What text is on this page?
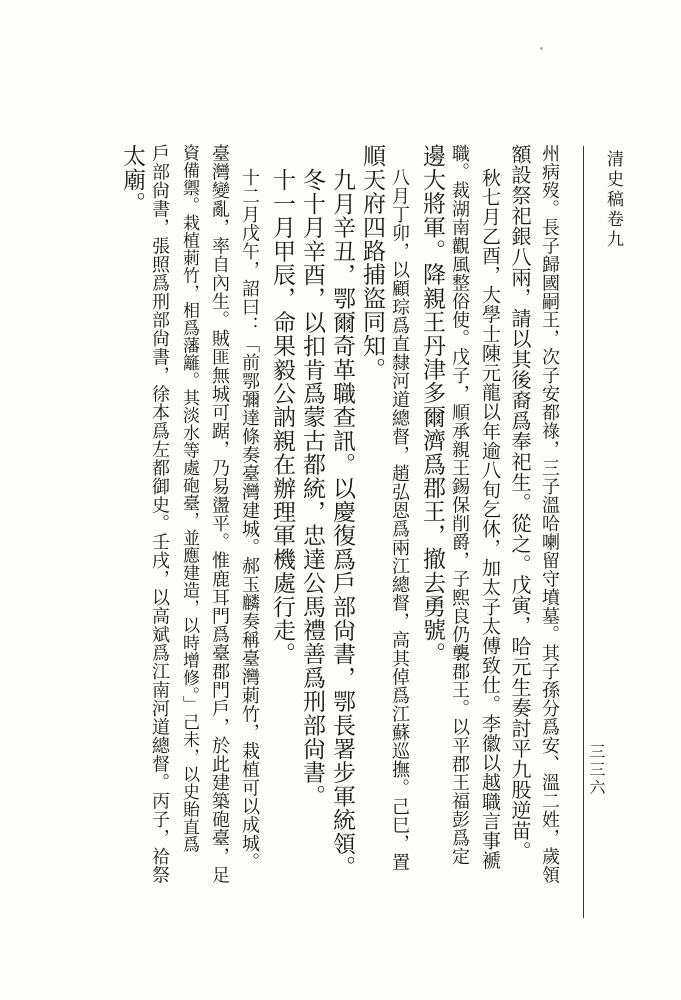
三三六
清史稿卷九
州病歿。長子歸國嗣王，次子安都祿，三子溫哈喇留守墳墓。其子孫分爲安、溫二姓，歲領
額設祭祀銀八兩，請以其後裔爲奉祀生。從之。戊寅，哈元生奏討平九股逆苗。
秋七月乙酉，大學士陳元龍以年逾八旬乞休，加太子太傅致仕。李徽以越職言事褫
職。裁湖南觀風整俗使。戊子，順承親王錫保削爵，子熙良仍襲郡王。以平郡王福彭爲定
邊大將軍。降親王丹津多爾濟爲郡王，撤去勇號。
八月丁卯，以顧琮爲直隸河道總督，趙弘恩爲兩江總督，高其倬爲江蘇巡撫。己巳，置
順天府四路捕盜同知。
九月辛丑，鄂爾奇革職查訊。以慶復爲戶部尙書，鄂長署步軍統領。
冬十月辛酉，以扣肯爲蒙古都統，忠達公馬禮善爲刑部尙書。
十一月甲辰，命果毅公訥親在辦理軍機處行走。
十二月戊午，詔曰：「前鄂彌達條奏臺灣建城。郝玉麟奏稱臺灣莿竹，栽植可以成城。
臺灣變亂，率自內生。賊匪無城可踞，乃易盪平。惟鹿耳門爲臺郡門戶，於此建築砲臺，足
資備禦。栽植莿竹，相爲藩籬。其淡水等處砲臺，並應建造，以時增修。」己未，以史貽直爲
戶部尙書，張照爲刑部尙書，徐本爲左都御史。壬戌，以高斌爲江南河道總督。丙子，祫祭
太廟。
